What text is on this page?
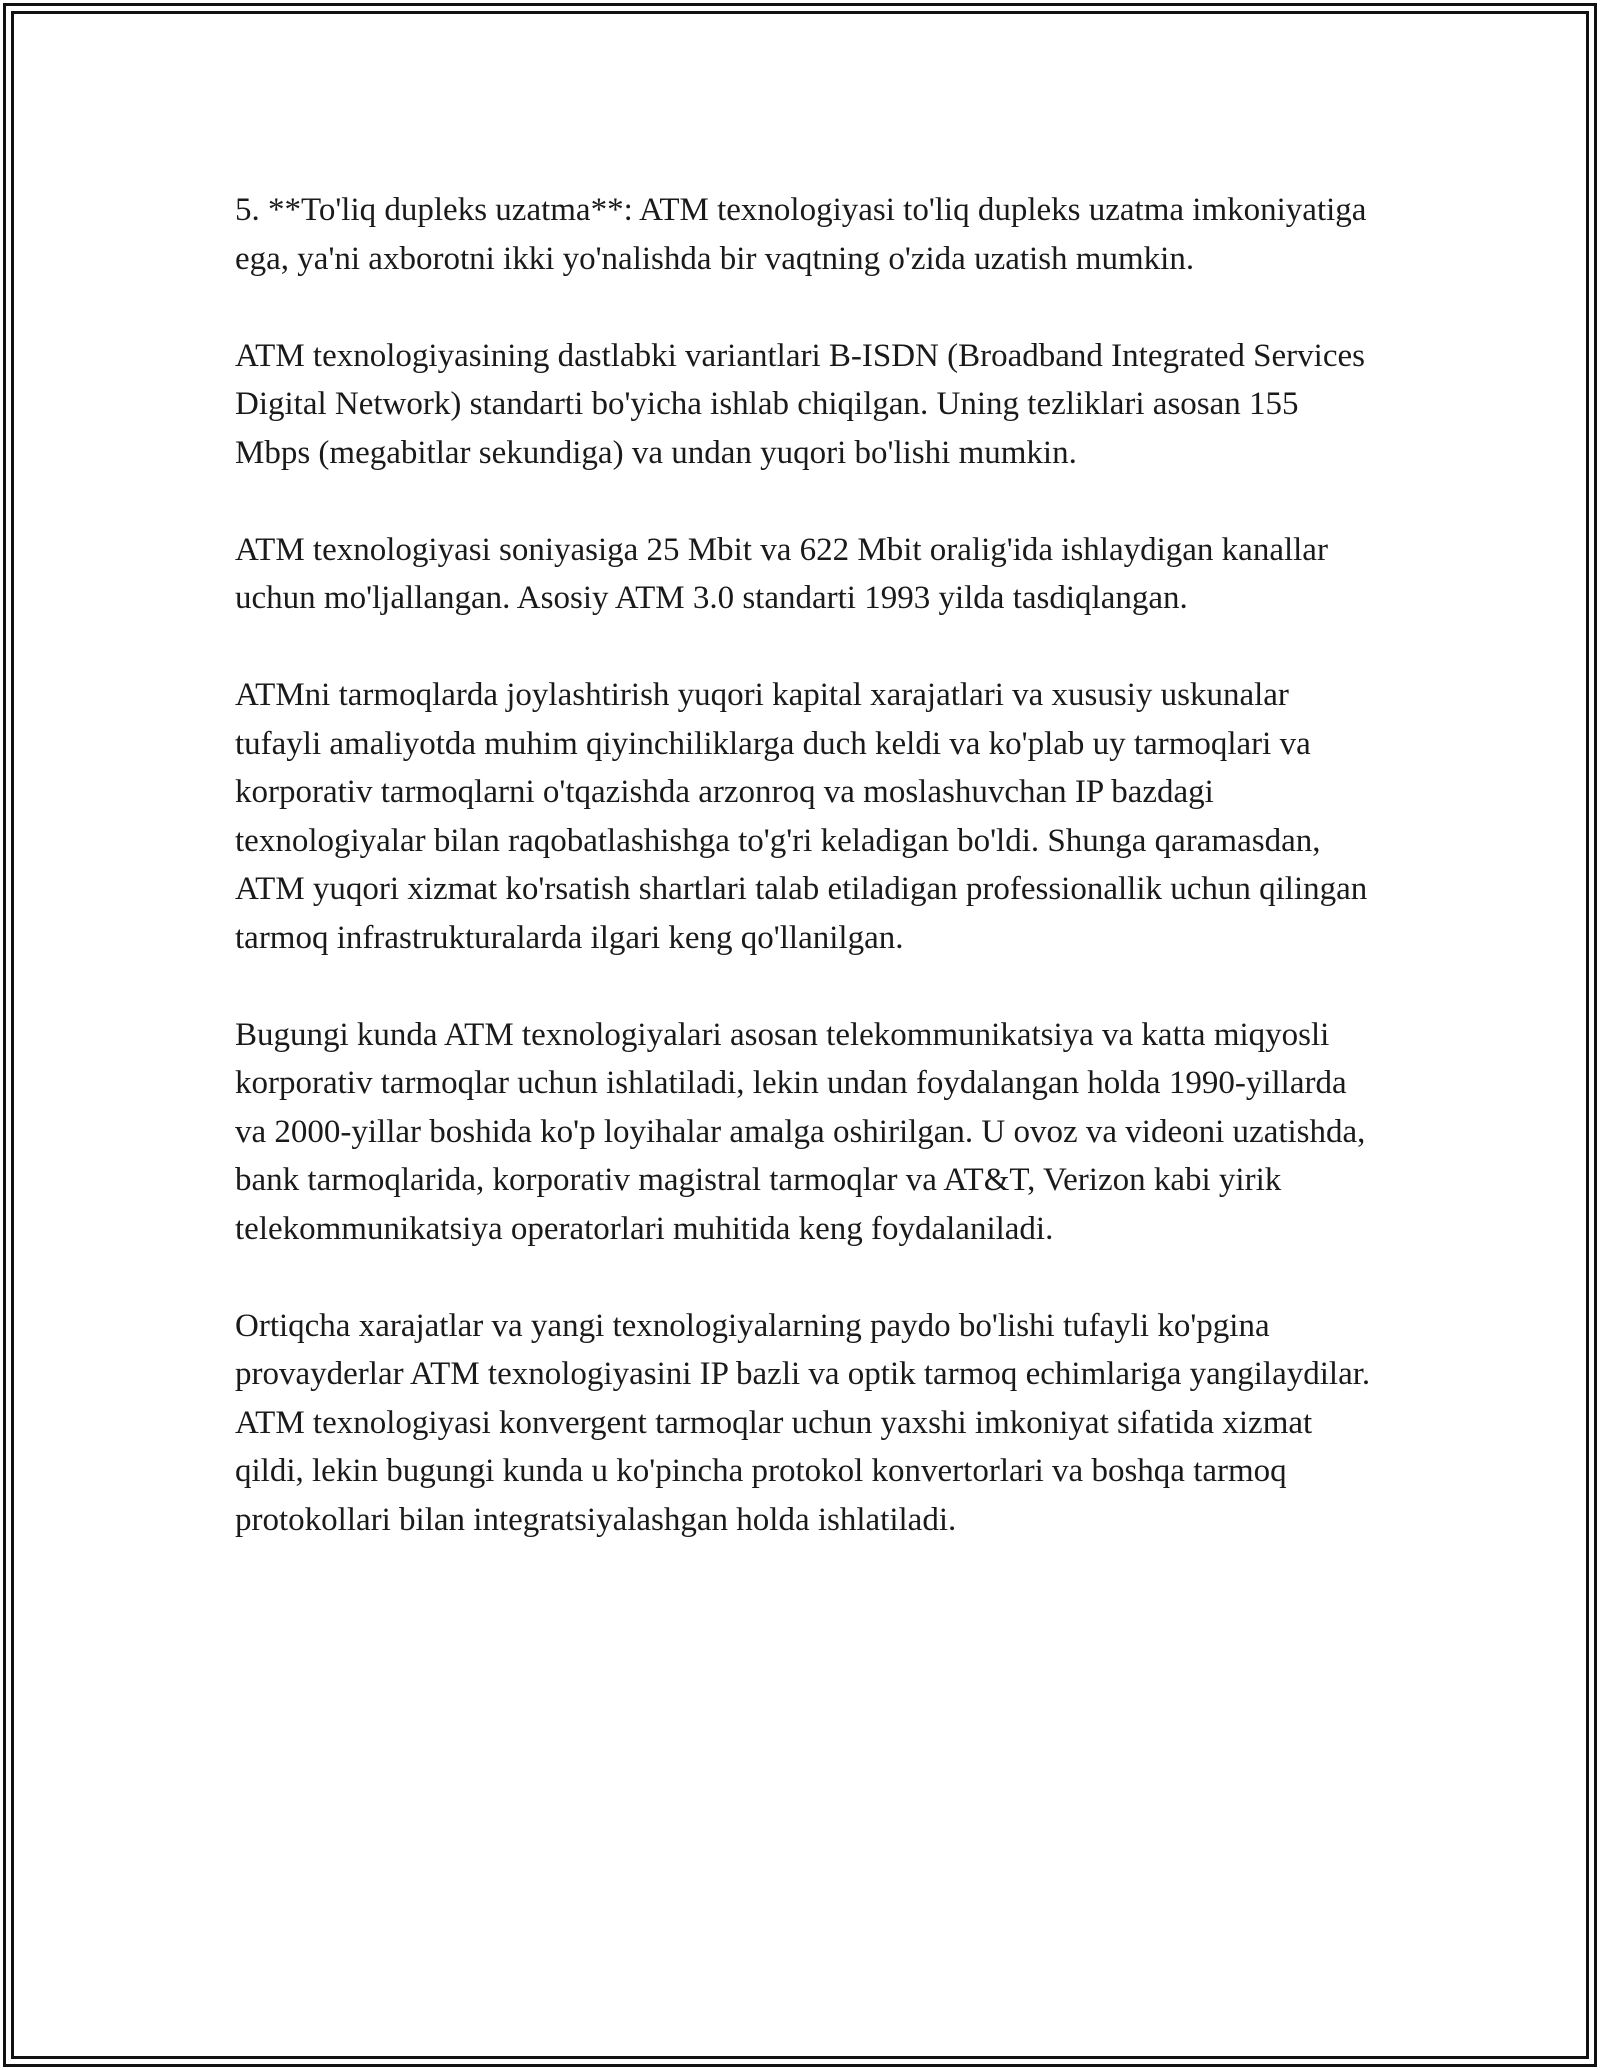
5. **To'liq dupleks uzatma**: ATM texnologiyasi to'liq dupleks uzatma imkoniyatiga ega, ya'ni axborotni ikki yo'nalishda bir vaqtning o'zida uzatish mumkin.

ATM texnologiyasining dastlabki variantlari B-ISDN (Broadband Integrated Services Digital Network) standarti bo'yicha ishlab chiqilgan. Uning tezliklari asosan 155 Mbps (megabitlar sekundiga) va undan yuqori bo'lishi mumkin.

ATM texnologiyasi soniyasiga 25 Mbit va 622 Mbit oralig'ida ishlaydigan kanallar uchun mo'ljallangan. Asosiy ATM 3.0 standarti 1993 yilda tasdiqlangan.

ATMni tarmoqlarda joylashtirish yuqori kapital xarajatlari va xususiy uskunalar tufayli amaliyotda muhim qiyinchiliklarga duch keldi va ko'plab uy tarmoqlari va korporativ tarmoqlarni o'tqazishda arzonroq va moslashuvchan IP bazdagi texnologiyalar bilan raqobatlashishga to'g'ri keladigan bo'ldi. Shunga qaramasdan, ATM yuqori xizmat ko'rsatish shartlari talab etiladigan professionallik uchun qilingan tarmoq infrastrukturalarda ilgari keng qo'llanilgan.

Bugungi kunda ATM texnologiyalari asosan telekommunikatsiya va katta miqyosli korporativ tarmoqlar uchun ishlatiladi, lekin undan foydalangan holda 1990-yillarda va 2000-yillar boshida ko'p loyihalar amalga oshirilgan. U ovoz va videoni uzatishda, bank tarmoqlarida, korporativ magistral tarmoqlar va AT&T, Verizon kabi yirik telekommunikatsiya operatorlari muhitida keng foydalaniladi.

Ortiqcha xarajatlar va yangi texnologiyalarning paydo bo'lishi tufayli ko'pgina provayderlar ATM texnologiyasini IP bazli va optik tarmoq echimlariga yangilaydilar. ATM texnologiyasi konvergent tarmoqlar uchun yaxshi imkoniyat sifatida xizmat qildi, lekin bugungi kunda u ko'pincha protokol konvertorlari va boshqa tarmoq protokollari bilan integratsiyalashgan holda ishlatiladi.
